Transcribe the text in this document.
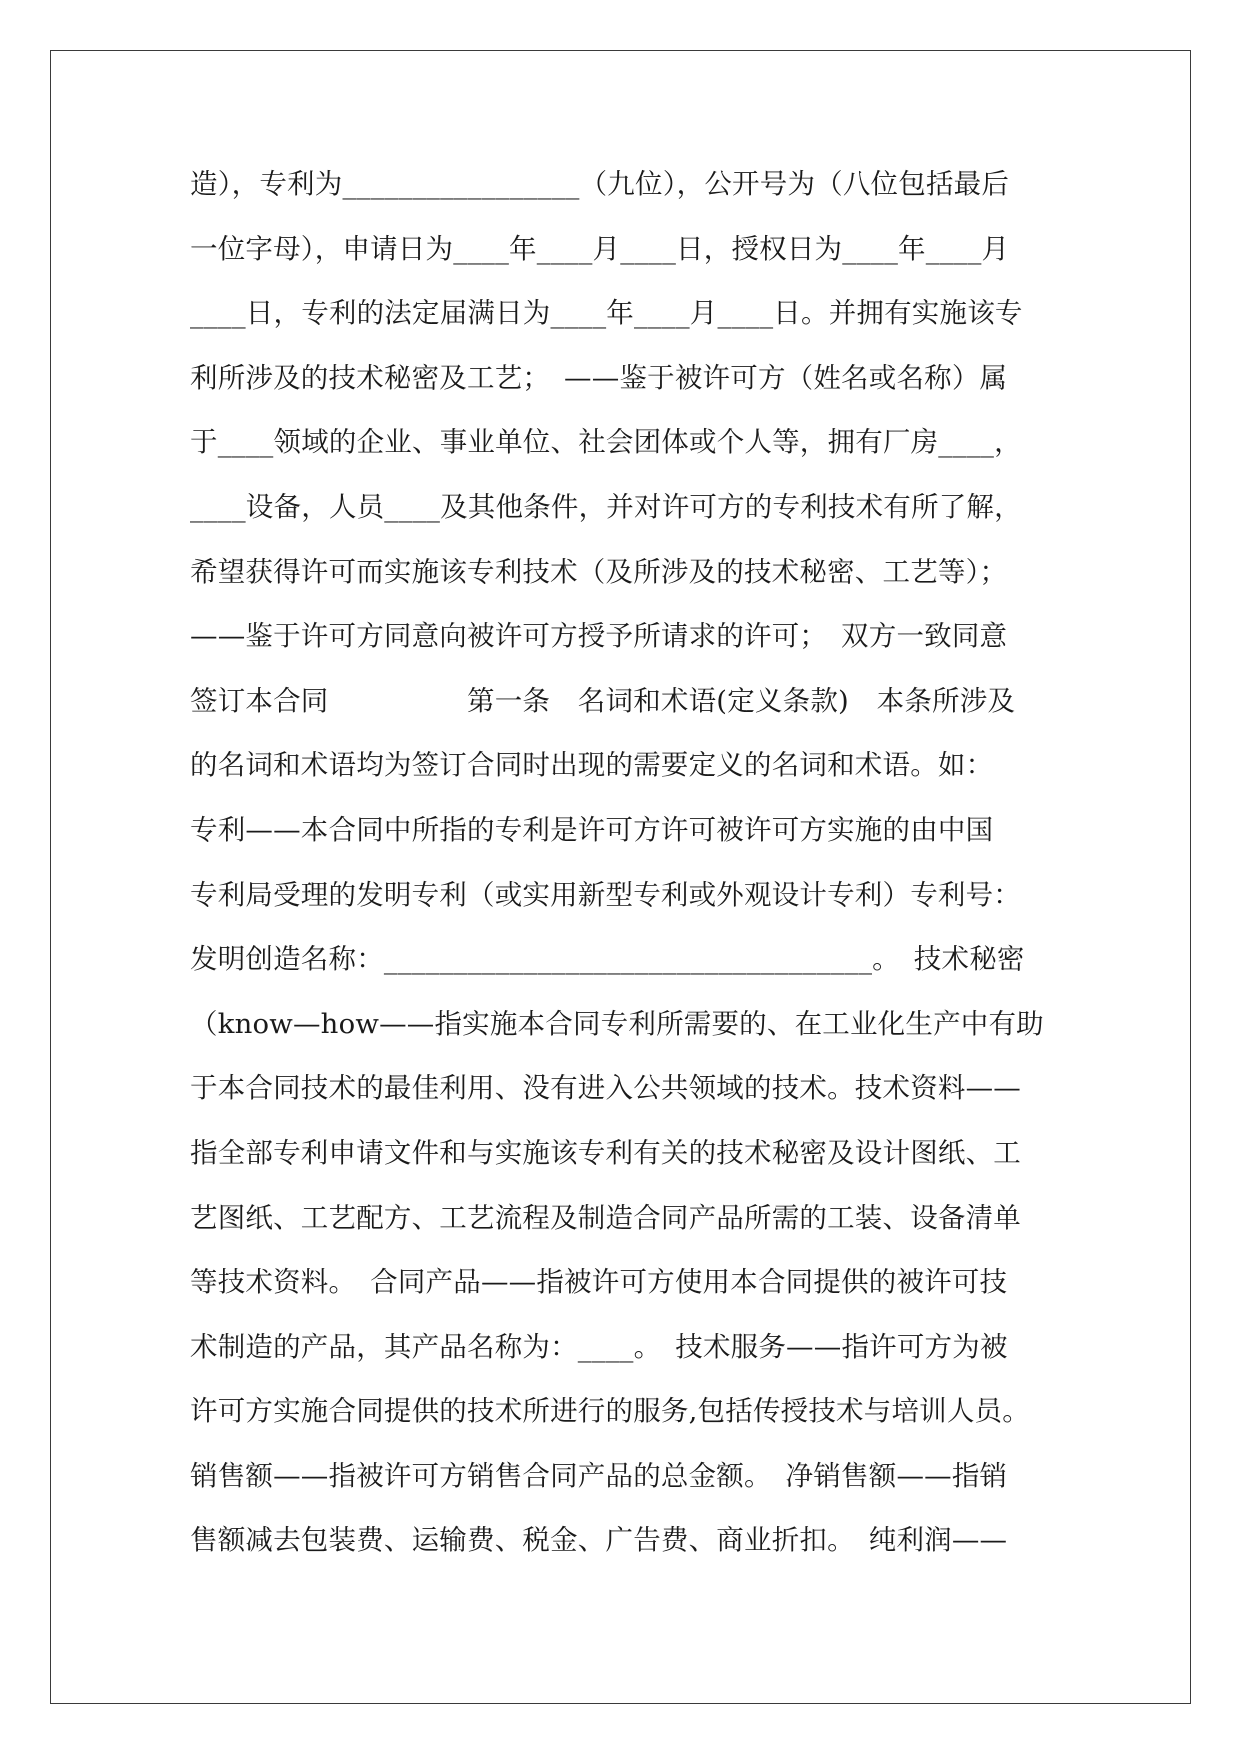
造），专利为_________________（九位），公开号为（八位包括最后
一位字母），申请日为____年____月____日，授权日为____年____月
____日，专利的法定届满日为____年____月____日。并拥有实施该专
利所涉及的技术秘密及工艺；　——鉴于被许可方（姓名或名称）属
于____领域的企业、事业单位、社会团体或个人等，拥有厂房____，
____设备，人员____及其他条件，并对许可方的专利技术有所了解，
希望获得许可而实施该专利技术（及所涉及的技术秘密、工艺等）；
——鉴于许可方同意向被许可方授予所请求的许可；　双方一致同意
签订本合同　　　　　第一条　名词和术语(定义条款)　本条所涉及
的名词和术语均为签订合同时出现的需要定义的名词和术语。如：
专利——本合同中所指的专利是许可方许可被许可方实施的由中国
专利局受理的发明专利（或实用新型专利或外观设计专利）专利号：
发明创造名称：___________________________________。　技术秘密
（know—how——指实施本合同专利所需要的、在工业化生产中有助
于本合同技术的最佳利用、没有进入公共领域的技术。技术资料——
指全部专利申请文件和与实施该专利有关的技术秘密及设计图纸、工
艺图纸、工艺配方、工艺流程及制造合同产品所需的工装、设备清单
等技术资料。　合同产品——指被许可方使用本合同提供的被许可技
术制造的产品，其产品名称为：____。　技术服务——指许可方为被
许可方实施合同提供的技术所进行的服务,包括传授技术与培训人员。
销售额——指被许可方销售合同产品的总金额。　净销售额——指销
售额减去包装费、运输费、税金、广告费、商业折扣。　纯利润——
